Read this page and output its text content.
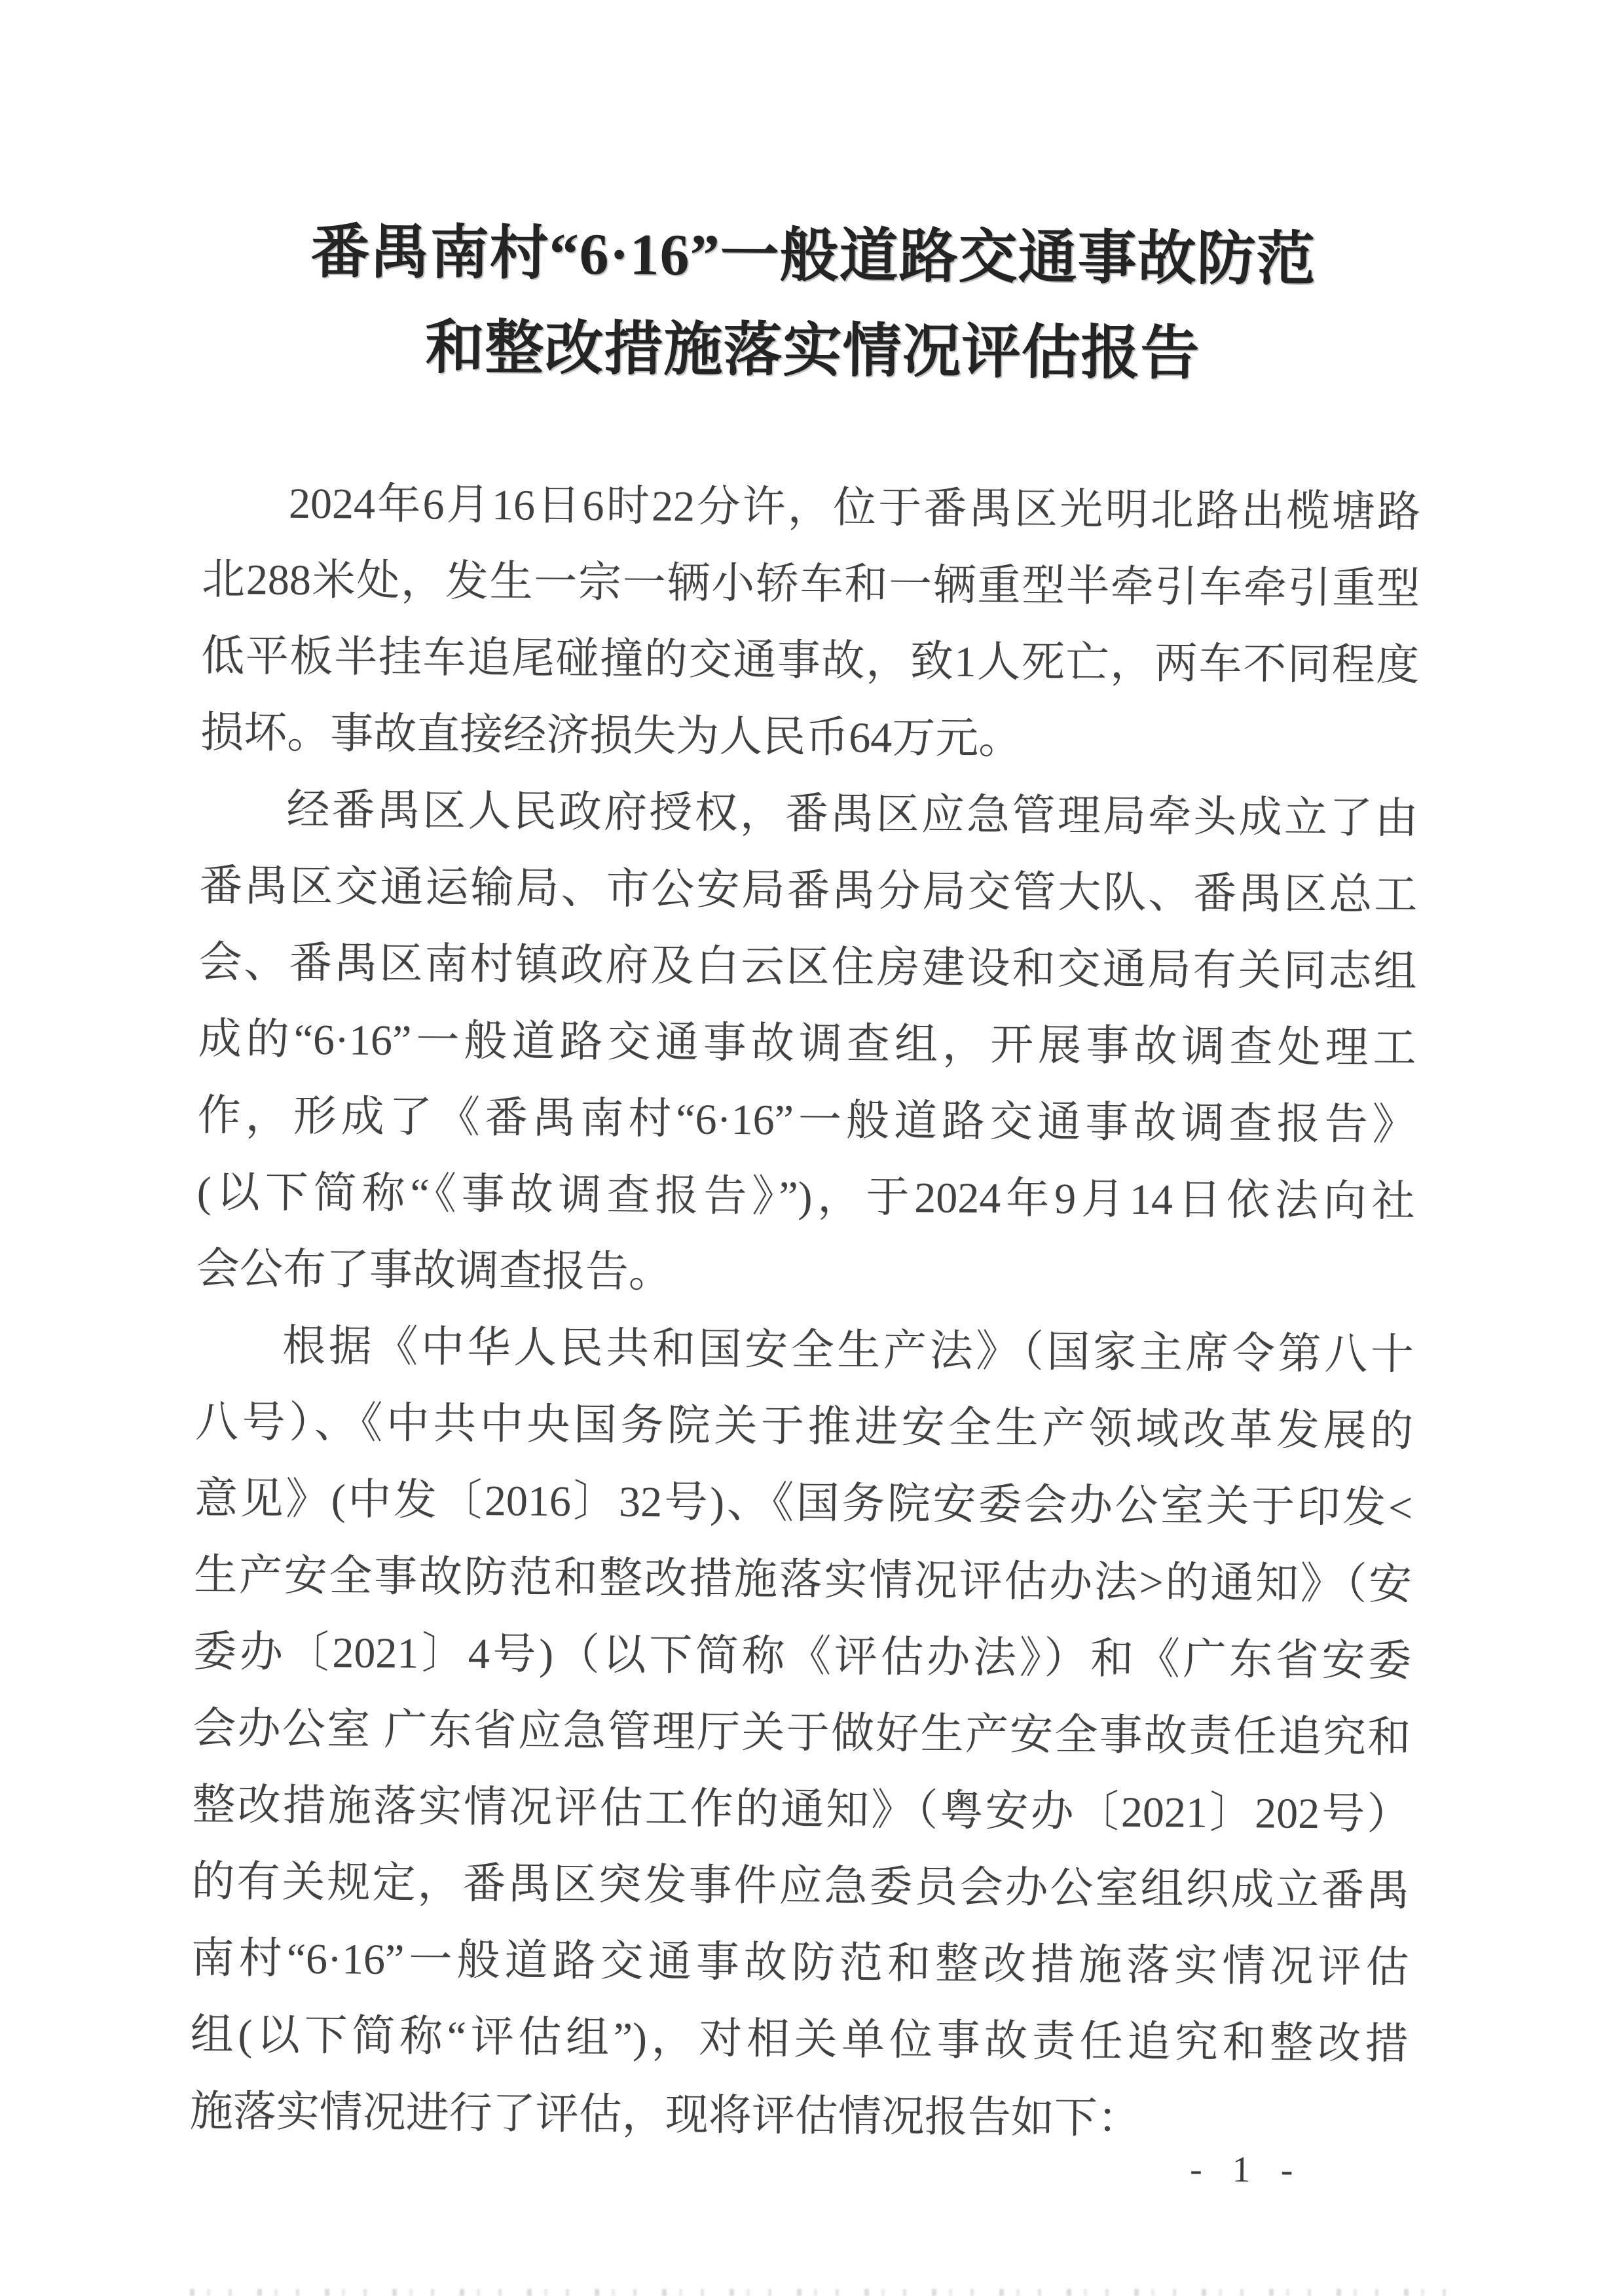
番禺南村“6·16”一般道路交通事故防范
和整改措施落实情况评估报告
2024年6月16日6时22分许，位于番禺区光明北路出榄塘路
北288米处，发生一宗一辆小轿车和一辆重型半牵引车牵引重型
低平板半挂车追尾碰撞的交通事故，致1人死亡，两车不同程度
损坏。事故直接经济损失为人民币64万元。
经番禺区人民政府授权，番禺区应急管理局牵头成立了由
番禺区交通运输局、市公安局番禺分局交管大队、番禺区总工
会、番禺区南村镇政府及白云区住房建设和交通局有关同志组
成的“6·16”一般道路交通事故调查组，开展事故调查处理工
作，形成了《番禺南村“6·16”一般道路交通事故调查报告》
(以下简称“《事故调查报告》”)，于2024年9月14日依法向社
会公布了事故调查报告。
根据《中华人民共和国安全生产法》（国家主席令第八十
八号）、《中共中央国务院关于推进安全生产领域改革发展的
意见》(中发〔2016〕32号)、《国务院安委会办公室关于印发<
生产安全事故防范和整改措施落实情况评估办法>的通知》（安
委办〔2021〕4号)（以下简称《评估办法》）和《广东省安委
会办公室 广东省应急管理厅关于做好生产安全事故责任追究和
整改措施落实情况评估工作的通知》（粤安办〔2021〕202号）
的有关规定，番禺区突发事件应急委员会办公室组织成立番禺
南村“6·16”一般道路交通事故防范和整改措施落实情况评估
组(以下简称“评估组”)，对相关单位事故责任追究和整改措
施落实情况进行了评估，现将评估情况报告如下：
- 1 -
